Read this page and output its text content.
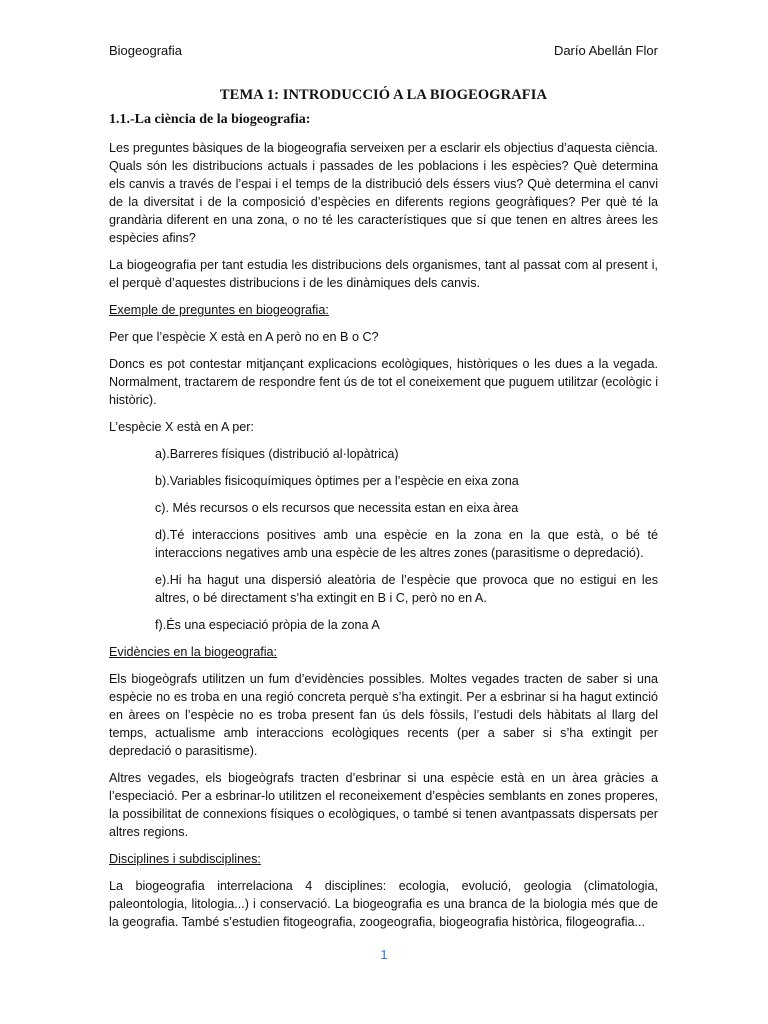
Biogeografia	Darío Abellán Flor
TEMA 1: INTRODUCCIÓ A LA BIOGEOGRAFIA
1.1.-La ciència de la biogeografia:

Les preguntes bàsiques de la biogeografia serveixen per a esclarir els objectius d’aquesta ciència. Quals són les distribucions actuals i passades de les poblacions i les espècies? Què determina els canvis a través de l’espai i el temps de la distribució dels éssers vius? Què determina el canvi de la diversitat i de la composició d’espècies en diferents regions geogràfiques? Per què té la grandària diferent en una zona, o no té les característiques que sí que tenen en altres àrees les espècies afins?

La biogeografia per tant estudia les distribucions dels organismes, tant al passat com al present i, el perquè d’aquestes distribucions i de les dinàmiques dels canvis.

Exemple de preguntes en biogeografia:

Per que l’espècie X està en A però no en B o C?

Doncs es pot contestar mitjançant explicacions ecològiques, històriques o les dues a la vegada. Normalment, tractarem de respondre fent ús de tot el coneixement que puguem utilitzar (ecològic i històric).

L’espècie X està en A per:

a).Barreres físiques (distribució al·lopàtrica)

b).Variables fisicoquímiques òptimes per a l’espècie en eixa zona

c). Més recursos o els recursos que necessita estan en eixa àrea

d).Té interaccions positives amb una espècie en la zona en la que està, o bé té interaccions negatives amb una espècie de les altres zones (parasitisme o depredació).

e).Hi ha hagut una dispersió aleatòria de l’espècie que provoca que no estigui en les altres, o bé directament s’ha extingit en B i C, però no en A.

f).És una especiació pròpia de la zona A

Evidències en la biogeografia:

Els biogeògrafs utilitzen un fum d’evidències possibles. Moltes vegades tracten de saber si una espècie no es troba en una regió concreta perquè s’ha extingit. Per a esbrinar si ha hagut extinció en àrees on l’espècie no es troba present fan ús dels fòssils, l’estudi dels hàbitats al llarg del temps, actualisme amb interaccions ecològiques recents (per a saber si s’ha extingit per depredació o parasitisme).

Altres vegades, els biogeògrafs tracten d’esbrinar si una espècie està en un àrea gràcies a l’especiació. Per a esbrinar-lo utilitzen el reconeixement d’espècies semblants en zones properes, la possibilitat de connexions físiques o ecològiques, o també si tenen avantpassats dispersats per altres regions.

Disciplines i subdisciplines:

La biogeografia interrelaciona 4 disciplines: ecologia, evolució, geologia (climatologia, paleontologia, litologia...) i conservació. La biogeografia es una branca de la biologia més que de la geografia. També s’estudien fitogeografia, zoogeografia, biogeografia històrica, filogeografia...

1
